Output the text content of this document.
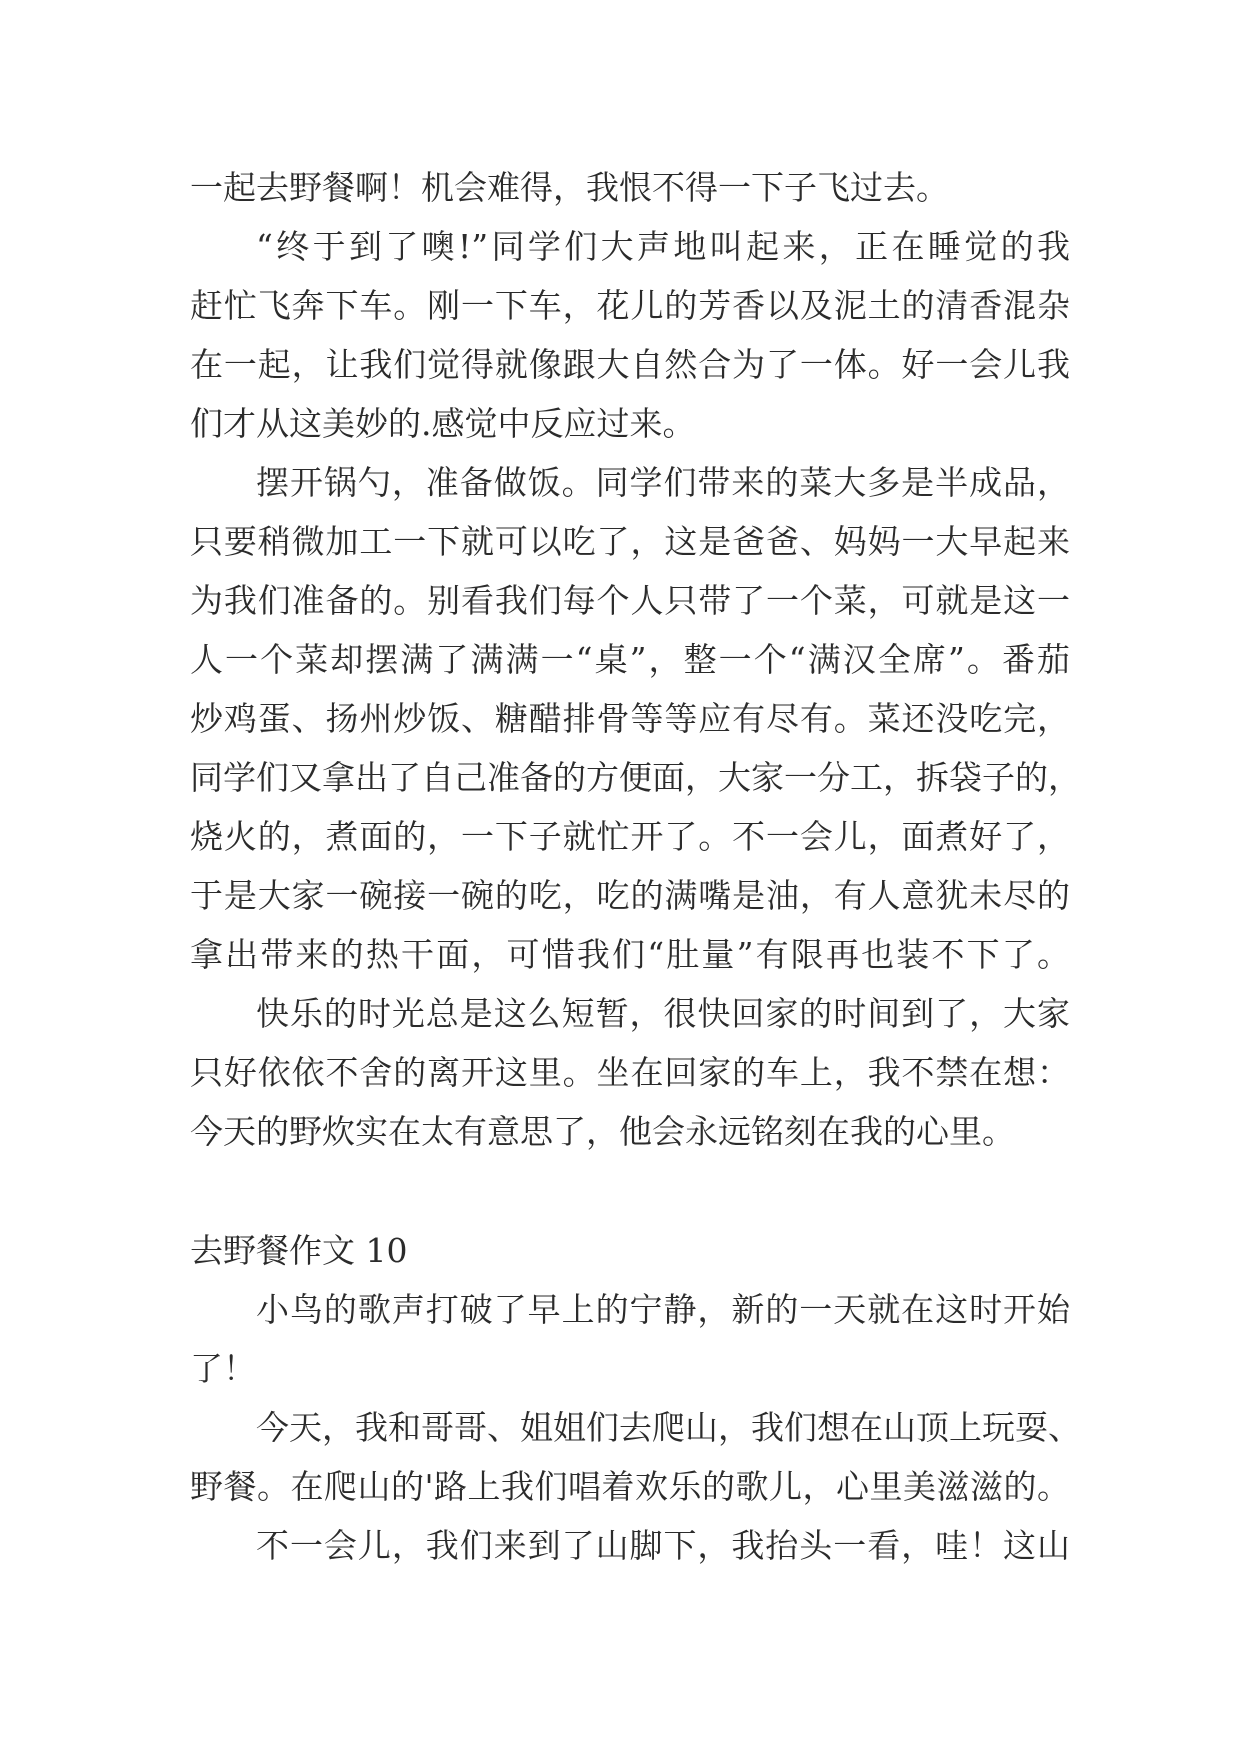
一起去野餐啊！机会难得，我恨不得一下子飞过去。

“终于到了噢!”同学们大声地叫起来，正在睡觉的我

赶忙飞奔下车。刚一下车，花儿的芳香以及泥土的清香混杂

在一起，让我们觉得就像跟大自然合为了一体。好一会儿我

们才从这美妙的.感觉中反应过来。

摆开锅勺，准备做饭。同学们带来的菜大多是半成品，

只要稍微加工一下就可以吃了，这是爸爸、妈妈一大早起来

为我们准备的。别看我们每个人只带了一个菜，可就是这一

人一个菜却摆满了满满一“桌”，整一个“满汉全席”。番茄

炒鸡蛋、扬州炒饭、糖醋排骨等等应有尽有。菜还没吃完，

同学们又拿出了自己准备的方便面，大家一分工，拆袋子的，

烧火的，煮面的，一下子就忙开了。不一会儿，面煮好了，

于是大家一碗接一碗的吃，吃的满嘴是油，有人意犹未尽的

拿出带来的热干面，可惜我们“肚量”有限再也装不下了。

快乐的时光总是这么短暂，很快回家的时间到了，大家

只好依依不舍的离开这里。坐在回家的车上，我不禁在想：

今天的野炊实在太有意思了，他会永远铭刻在我的心里。

去野餐作文 10

小鸟的歌声打破了早上的宁静，新的一天就在这时开始

了！

今天，我和哥哥、姐姐们去爬山，我们想在山顶上玩耍、

野餐。在爬山的'路上我们唱着欢乐的歌儿，心里美滋滋的。

不一会儿，我们来到了山脚下，我抬头一看，哇！这山
